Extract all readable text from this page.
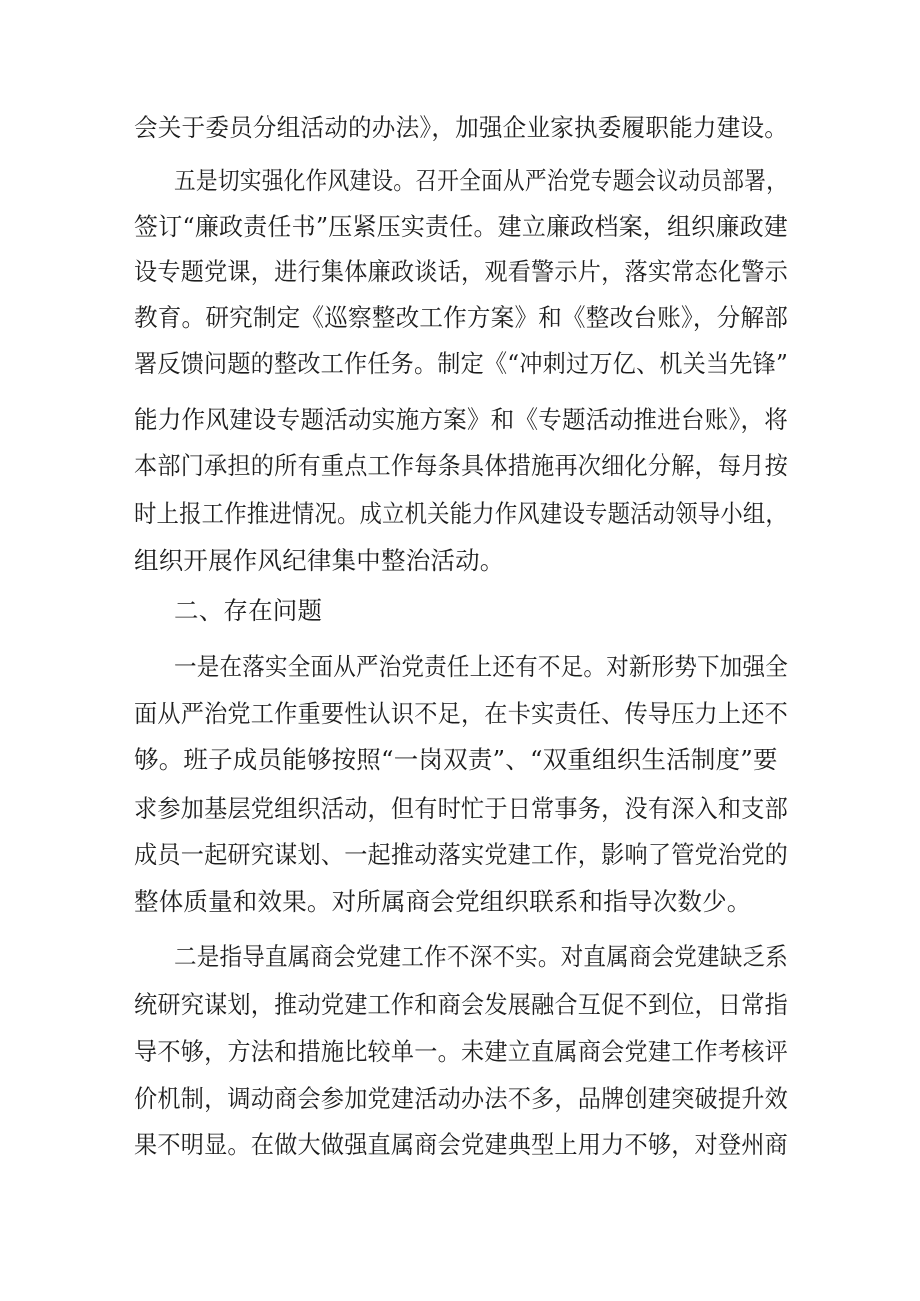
会关于委员分组活动的办法》，加强企业家执委履职能力建设。
五是切实强化作风建设。召开全面从严治党专题会议动员部署，
签订“廉政责任书”压紧压实责任。建立廉政档案，组织廉政建
设专题党课，进行集体廉政谈话，观看警示片，落实常态化警示
教育。研究制定《巡察整改工作方案》和《整改台账》，分解部
署反馈问题的整改工作任务。制定《“冲刺过万亿、机关当先锋”
能力作风建设专题活动实施方案》和《专题活动推进台账》，将
本部门承担的所有重点工作每条具体措施再次细化分解，每月按
时上报工作推进情况。成立机关能力作风建设专题活动领导小组，
组织开展作风纪律集中整治活动。
二、存在问题
一是在落实全面从严治党责任上还有不足。对新形势下加强全
面从严治党工作重要性认识不足，在卡实责任、传导压力上还不
够。班子成员能够按照“一岗双责”、“双重组织生活制度”要
求参加基层党组织活动，但有时忙于日常事务，没有深入和支部
成员一起研究谋划、一起推动落实党建工作，影响了管党治党的
整体质量和效果。对所属商会党组织联系和指导次数少。
二是指导直属商会党建工作不深不实。对直属商会党建缺乏系
统研究谋划，推动党建工作和商会发展融合互促不到位，日常指
导不够，方法和措施比较单一。未建立直属商会党建工作考核评
价机制，调动商会参加党建活动办法不多，品牌创建突破提升效
果不明显。在做大做强直属商会党建典型上用力不够，对登州商
